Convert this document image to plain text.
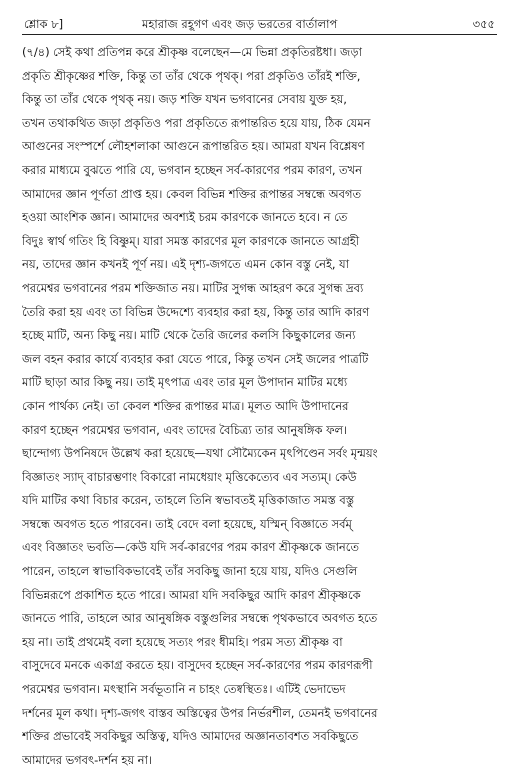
শ্লোক ৮]	মহারাজ রহূগণ এবং জড় ভরতের বার্তালাপ	৩৫৫
(৭/৪) সেই কথা প্রতিপন্ন করে শ্রীকৃষ্ণ বলেছেন—মে ভিন্না প্রকৃতিরষ্টধা। জড়া
প্রকৃতি শ্রীকৃষ্ণের শক্তি, কিন্তু তা তাঁর থেকে পৃথক্। পরা প্রকৃতিও তাঁরই শক্তি,
কিন্তু তা তাঁর থেকে পৃথক্ নয়। জড় শক্তি যখন ভগবানের সেবায় যুক্ত হয়,
তখন তথাকথিত জড়া প্রকৃতিও পরা প্রকৃতিতে রূপান্তরিত হয়ে যায়, ঠিক যেমন
আগুনের সংস্পর্শে লৌহশলাকা আগুনে রূপান্তরিত হয়। আমরা যখন বিশ্লেষণ
করার মাধ্যমে বুঝতে পারি যে, ভগবান হচ্ছেন সর্ব-কারণের পরম কারণ, তখন
আমাদের জ্ঞান পূর্ণতা প্রাপ্ত হয়। কেবল বিভিন্ন শক্তির রূপান্তর সম্বন্ধে অবগত
হওয়া আংশিক জ্ঞান। আমাদের অবশ্যই চরম কারণকে জানতে হবে। ন তে
বিদুঃ স্বার্থ গতিং হি বিষ্ণুম্। যারা সমস্ত কারণের মূল কারণকে জানতে আগ্রহী
নয়, তাদের জ্ঞান কখনই পূর্ণ নয়। এই দৃশ্য-জগতে এমন কোন বস্তু নেই, যা
পরমেশ্বর ভগবানের পরম শক্তিজাত নয়। মাটির সুগন্ধ আহরণ করে সুগন্ধ দ্রব্য
তৈরি করা হয় এবং তা বিভিন্ন উদ্দেশ্যে ব্যবহার করা হয়, কিন্তু তার আদি কারণ
হচ্ছে মাটি, অন্য কিছু নয়। মাটি থেকে তৈরি জলের কলসি কিছুকালের জন্য
জল বহন করার কার্যে ব্যবহার করা যেতে পারে, কিন্তু তখন সেই জলের পাত্রটি
মাটি ছাড়া আর কিছু নয়। তাই মৃৎপাত্র এবং তার মূল উপাদান মাটির মধ্যে
কোন পার্থক্য নেই। তা কেবল শক্তির রূপান্তর মাত্র। মূলত আদি উপাদানের
কারণ হচ্ছেন পরমেশ্বর ভগবান, এবং তাদের বৈচিত্র্য তার আনুষঙ্গিক ফল।
ছান্দোগ্য উপনিষদে উল্লেখ করা হয়েছে—যথা সৌম্যৈকেন মৃৎপিণ্ডেন সর্বং মৃন্ময়ং
বিজ্ঞাতং স্যাদ্ বাচারম্ভণাং বিকারো নামধেয়াং মৃত্তিকেত্যেব এব সত্যম্। কেউ
যদি মাটির কথা বিচার করেন, তাহলে তিনি স্বভাবতই মৃত্তিকাজাত সমস্ত বস্তু
সম্বন্ধে অবগত হতে পারবেন। তাই বেদে বলা হয়েছে, যস্মিন্ বিজ্ঞাতে সর্বম্
এবং বিজ্ঞাতং ভবতি—কেউ যদি সর্ব-কারণের পরম কারণ শ্রীকৃষ্ণকে জানতে
পারেন, তাহলে স্বাভাবিকভাবেই তাঁর সবকিছু জানা হয়ে যায়, যদিও সেগুলি
বিভিন্নরূপে প্রকাশিত হতে পারে। আমরা যদি সবকিছুর আদি কারণ শ্রীকৃষ্ণকে
জানতে পারি, তাহলে আর আনুষঙ্গিক বস্তুগুলির সম্বন্ধে পৃথকভাবে অবগত হতে
হয় না। তাই প্রথমেই বলা হয়েছে সত্যং পরং ধীমহি। পরম সত্য শ্রীকৃষ্ণ বা
বাসুদেবে মনকে একাগ্র করতে হয়। বাসুদেব হচ্ছেন সর্ব-কারণের পরম কারণরূপী
পরমেশ্বর ভগবান। মৎস্থানি সর্বভূতানি ন চাহং তেষ্বস্থিতঃ। এটিই ভেদাভেদ
দর্শনের মূল কথা। দৃশ্য-জগৎ বাস্তব অস্তিত্বের উপর নির্ভরশীল, তেমনই ভগবানের
শক্তির প্রভাবেই সবকিছুর অস্তিত্ব, যদিও আমাদের অজ্ঞানতাবশত সবকিছুতে
আমাদের ভগবৎ-দর্শন হয় না।
